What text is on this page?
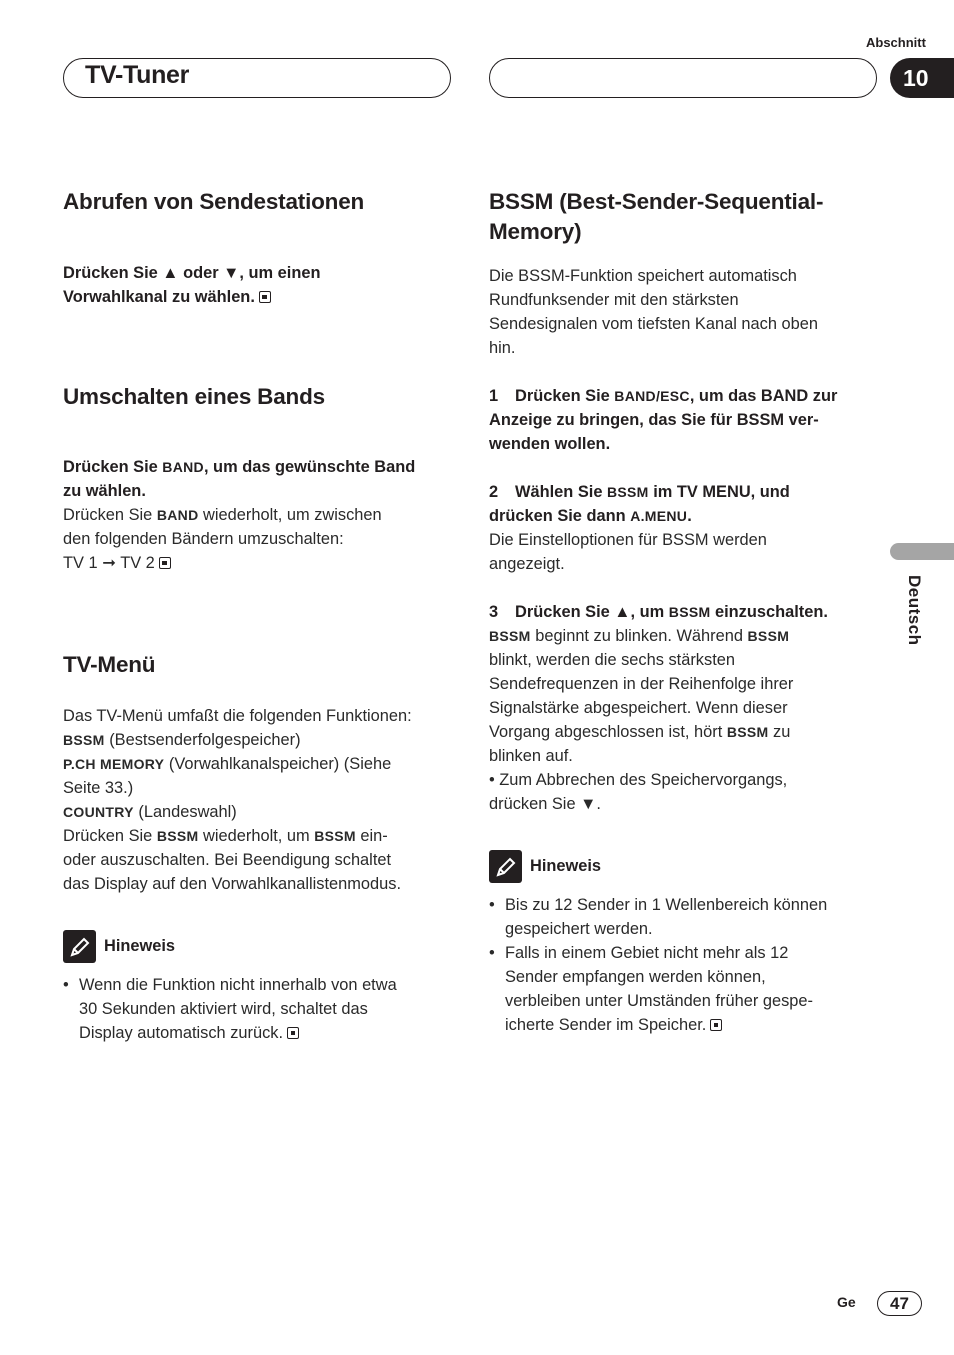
Abschnitt
TV-Tuner	10
Deutsch
Abrufen von Sendestationen
Drücken Sie ▲ oder ▼, um einen
Vorwahlkanal zu wählen.
Umschalten eines Bands
Drücken Sie BAND, um das gewünschte Band
zu wählen.
Drücken Sie BAND wiederholt, um zwischen
den folgenden Bändern umzuschalten:
TV 1 ➞ TV 2
TV-Menü
Das TV-Menü umfaßt die folgenden Funktionen:
BSSM (Bestsenderfolgespeicher)
P.CH MEMORY (Vorwahlkanalspeicher) (Siehe
Seite 33.)
COUNTRY (Landeswahl)
Drücken Sie BSSM wiederholt, um BSSM ein-
oder auszuschalten. Bei Beendigung schaltet
das Display auf den Vorwahlkanallistenmodus.
Hineweis
• Wenn die Funktion nicht innerhalb von etwa
30 Sekunden aktiviert wird, schaltet das
Display automatisch zurück.
BSSM (Best-Sender-Sequential-
Memory)
Die BSSM-Funktion speichert automatisch
Rundfunksender mit den stärksten
Sendesignalen vom tiefsten Kanal nach oben
hin.
1 Drücken Sie BAND/ESC, um das BAND zur
Anzeige zu bringen, das Sie für BSSM ver-
wenden wollen.
2 Wählen Sie BSSM im TV MENU, und
drücken Sie dann A.MENU.
Die Einstelloptionen für BSSM werden
angezeigt.
3 Drücken Sie ▲, um BSSM einzuschalten.
BSSM beginnt zu blinken. Während BSSM
blinkt, werden die sechs stärksten
Sendefrequenzen in der Reihenfolge ihrer
Signalstärke abgespeichert. Wenn dieser
Vorgang abgeschlossen ist, hört BSSM zu
blinken auf.
• Zum Abbrechen des Speichervorgangs,
drücken Sie ▼.
Hineweis
• Bis zu 12 Sender in 1 Wellenbereich können
gespeichert werden.
• Falls in einem Gebiet nicht mehr als 12
Sender empfangen werden können,
verbleiben unter Umständen früher gespe-
icherte Sender im Speicher.
Ge	47
